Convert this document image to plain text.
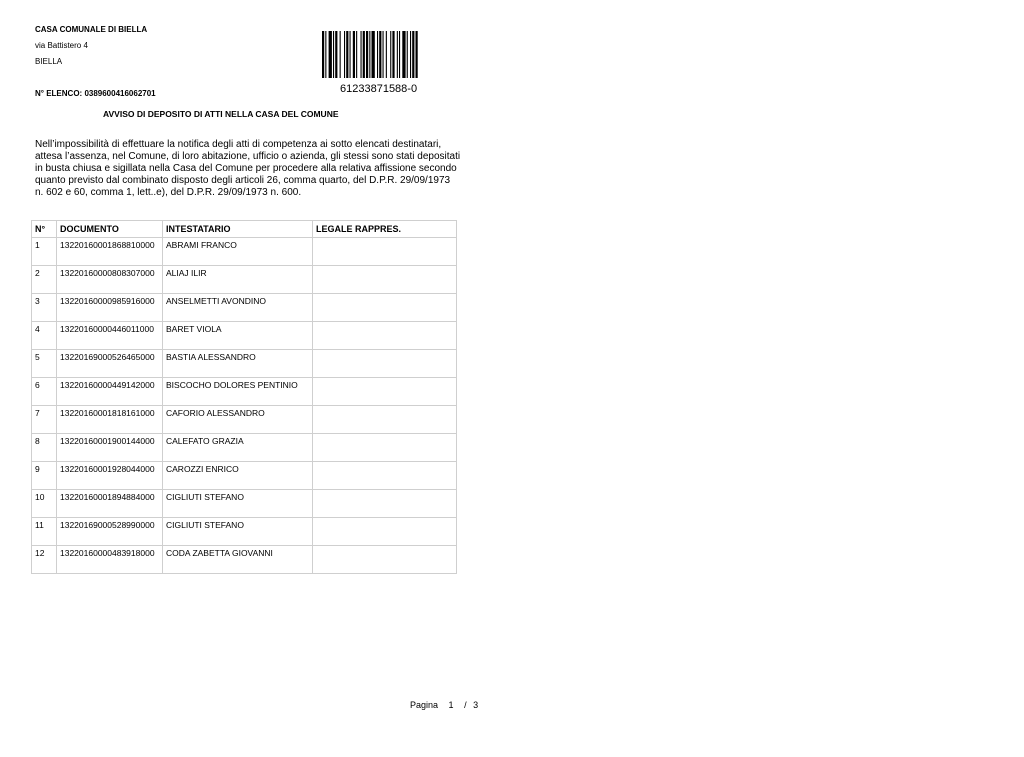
CASA COMUNALE DI BIELLA
via Battistero 4
BIELLA
N° ELENCO: 0389600416062701	61233871588-0
AVVISO DI DEPOSITO DI ATTI NELLA CASA DEL COMUNE
Nell’impossibilità di effettuare la notifica degli atti di competenza ai sotto elencati destinatari,
attesa l’assenza, nel Comune, di loro abitazione, ufficio o azienda, gli stessi sono stati depositati
in busta chiusa e sigillata nella Casa del Comune per procedere alla relativa affissione secondo
quanto previsto dal combinato disposto degli articoli 26, comma quarto, del D.P.R. 29/09/1973
n. 602 e 60, comma 1, lett..e), del D.P.R. 29/09/1973 n. 600.
N°	DOCUMENTO	INTESTATARIO	LEGALE RAPPRES.
1	13220160001868810000	ABRAMI FRANCO	
2	13220160000808307000	ALIAJ ILIR	
3	13220160000985916000	ANSELMETTI AVONDINO	
4	13220160000446011000	BARET VIOLA	
5	13220169000526465000	BASTIA ALESSANDRO	
6	13220160000449142000	BISCOCHO DOLORES PENTINIO	
7	13220160001818161000	CAFORIO ALESSANDRO	
8	13220160001900144000	CALEFATO GRAZIA	
9	13220160001928044000	CAROZZI ENRICO	
10	13220160001894884000	CIGLIUTI STEFANO	
11	13220169000528990000	CIGLIUTI STEFANO	
12	13220160000483918000	CODA ZABETTA GIOVANNI	
Pagina 1 / 3
